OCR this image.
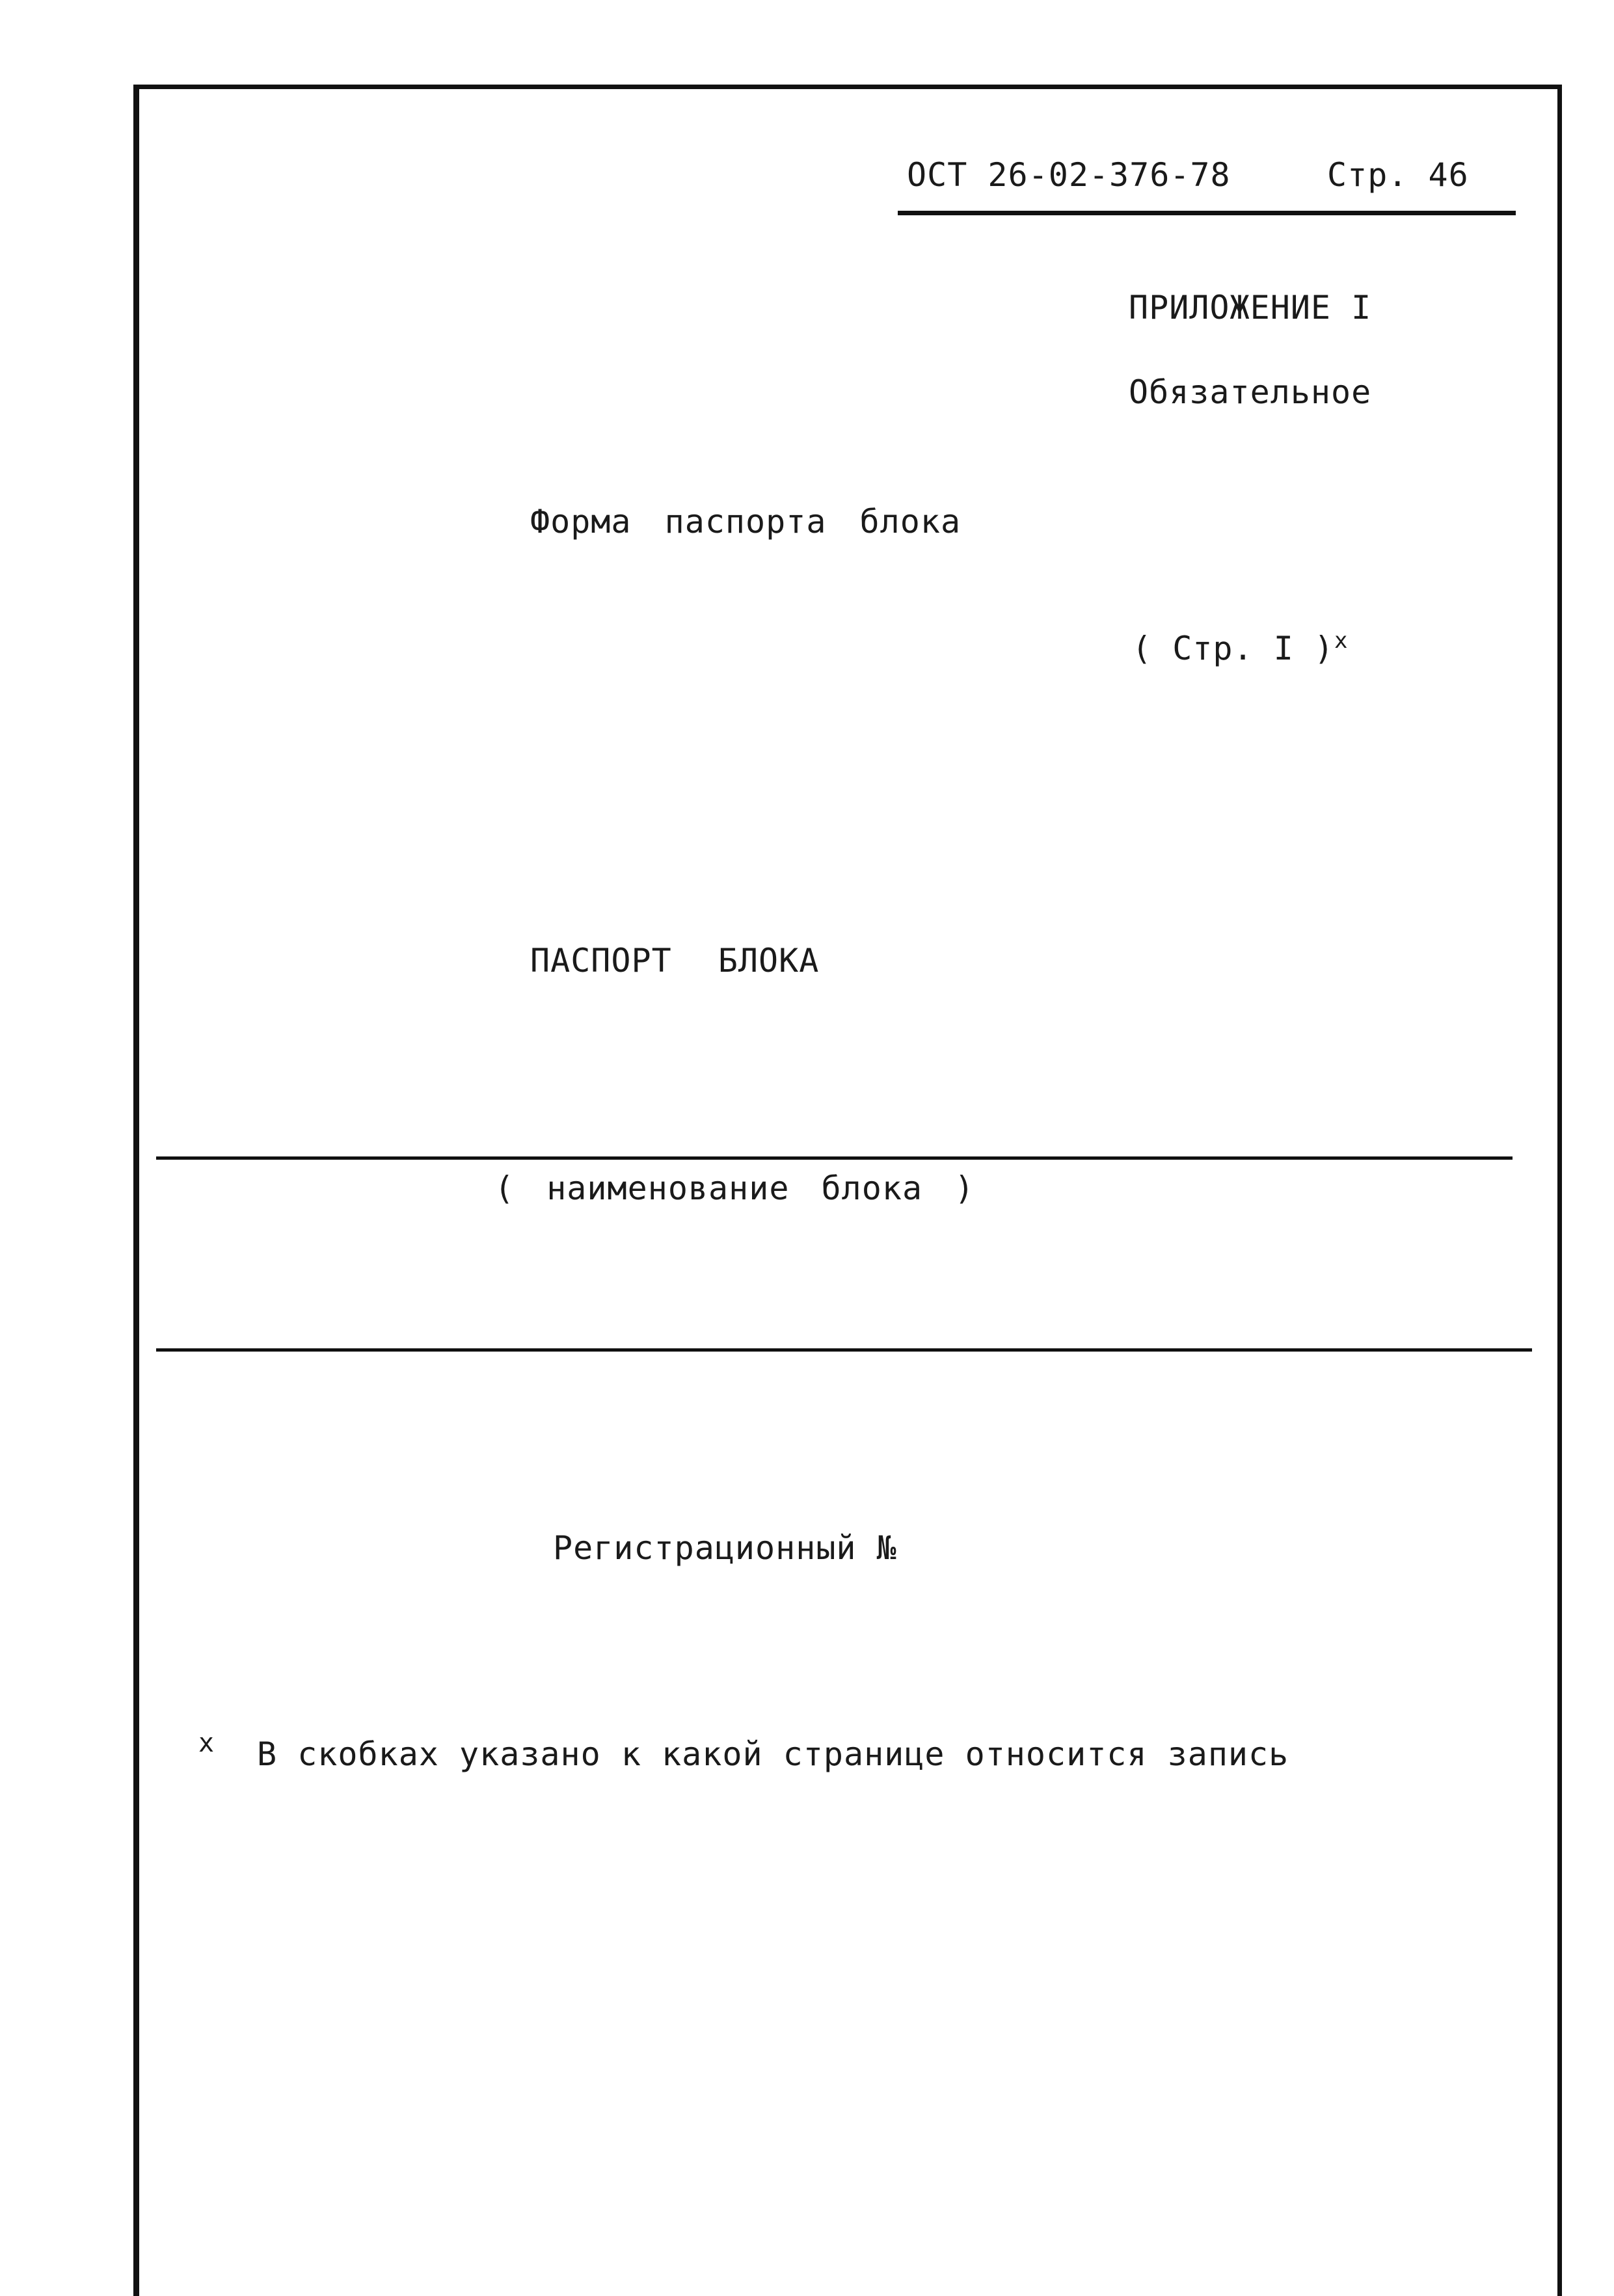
ОСТ 26-02-376-78	Стр. 46
ПРИЛОЖЕНИЕ I
Обязательное
Форма паспорта блока
( Стр. I )$^x$
ПАСПОРТ БЛОКА
( наименование блока )
Регистрационный №
x В скобках указано к какой странице относится запись
